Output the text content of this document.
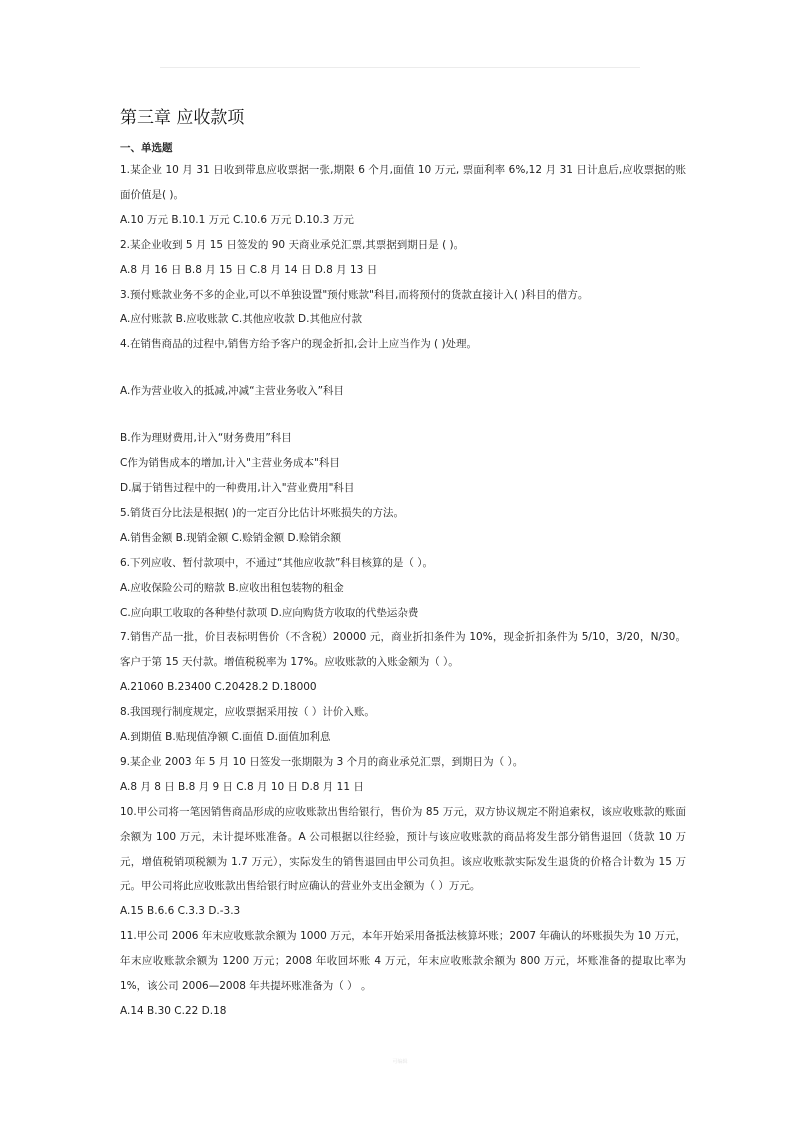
第三章 应收款项
一、单选题
1.某企业 10 月 31 日收到带息应收票据一张,期限 6 个月,面值 10 万元, 票面利率 6%,12 月 31 日计息后,应收票据的账面价值是( )。
A.10 万元 B.10.1 万元 C.10.6 万元 D.10.3 万元
2.某企业收到 5 月 15 日签发的 90 天商业承兑汇票,其票据到期日是 ( )。
A.8 月 16 日 B.8 月 15 日 C.8 月 14 日 D.8 月 13 日
3.预付账款业务不多的企业,可以不单独设置"预付账款"科目,而将预付的货款直接计入( )科目的借方。
A.应付账款 B.应收账款 C.其他应收款 D.其他应付款
4.在销售商品的过程中,销售方给予客户的现金折扣,会计上应当作为 ( )处理。
A.作为营业收入的抵减,冲减“主营业务收入”科目
B.作为理财费用,计入“财务费用”科目
C作为销售成本的增加,计入"主营业务成本"科目
D.属于销售过程中的一种费用,计入"营业费用"科目
5.销货百分比法是根据( )的一定百分比估计坏账损失的方法。
A.销售金额 B.现销金额 C.赊销金额 D.赊销余额
6.下列应收、暂付款项中，不通过“其他应收款”科目核算的是（ ）。
A.应收保险公司的赔款 B.应收出租包装物的租金
C.应向职工收取的各种垫付款项 D.应向购货方收取的代垫运杂费
7.销售产品一批，价目表标明售价（不含税）20000 元，商业折扣条件为 10%，现金折扣条件为 5/10，3/20，N/30。客户于第 15 天付款。增值税税率为 17%。应收账款的入账金额为（ ）。
A.21060 B.23400 C.20428.2 D.18000
8.我国现行制度规定，应收票据采用按（ ）计价入账。
A.到期值 B.贴现值净额 C.面值 D.面值加利息
9.某企业 2003 年 5 月 10 日签发一张期限为 3 个月的商业承兑汇票，到期日为（ ）。
A.8 月 8 日 B.8 月 9 日 C.8 月 10 日 D.8 月 11 日
10.甲公司将一笔因销售商品形成的应收账款出售给银行，售价为 85 万元，双方协议规定不附追索权，该应收账款的账面余额为 100 万元，未计提坏账准备。A 公司根据以往经验，预计与该应收账款的商品将发生部分销售退回（货款 10 万元，增值税销项税额为 1.7 万元），实际发生的销售退回由甲公司负担。该应收账款实际发生退货的价格合计数为 15 万元。甲公司将此应收账款出售给银行时应确认的营业外支出金额为（ ）万元。
A.15 B.6.6 C.3.3 D.-3.3
11.甲公司 2006 年末应收账款余额为 1000 万元，本年开始采用备抵法核算坏账；2007 年确认的坏账损失为 10 万元，年末应收账款余额为 1200 万元；2008 年收回坏账 4 万元，年末应收账款余额为 800 万元，坏账准备的提取比率为 1%，该公司 2006—2008 年共提坏账准备为（ ） 。
A.14 B.30 C.22 D.18
可编辑
